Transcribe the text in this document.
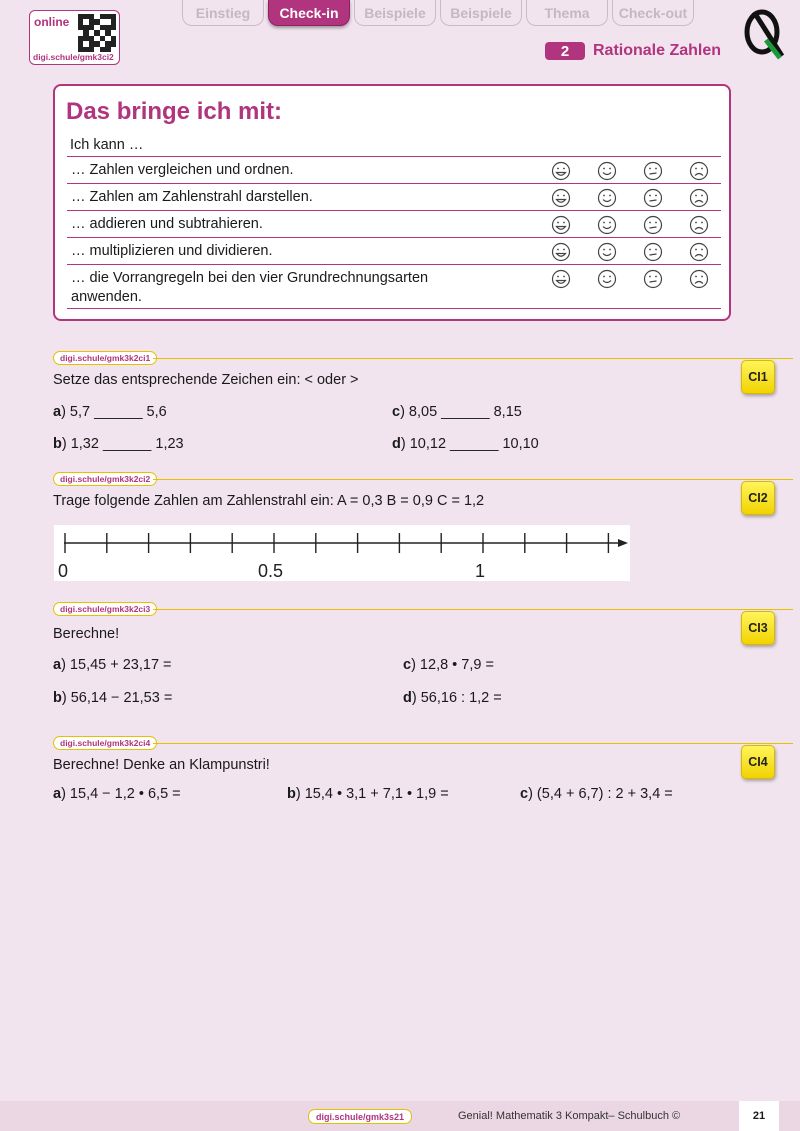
online
digi.schule/gmk3ci2
Einstieg	Check-in	Beispiele	Beispiele	Thema	Check-out
2	Rationale Zahlen
Das bringe ich mit:
Ich kann …
… Zahlen vergleichen und ordnen.
… Zahlen am Zahlenstrahl darstellen.
… addieren und subtrahieren.
… multiplizieren und dividieren.
… die Vorrangregeln bei den vier Grundrechnungsarten
anwenden.
digi.schule/gmk3k2ci1
CI1
Setze das entsprechende Zeichen ein: < oder >
a) 5,7 ______ 5,6	c) 8,05 ______ 8,15
b) 1,32 ______ 1,23	d) 10,12 ______ 10,10
digi.schule/gmk3k2ci2
CI2
Trage folgende Zahlen am Zahlenstrahl ein: A = 0,3 B = 0,9 C = 1,2
0	0.5	1
digi.schule/gmk3k2ci3
CI3
Berechne!
a) 15,45 + 23,17 =	c) 12,8 • 7,9 =
b) 56,14 − 21,53 =	d) 56,16 : 1,2 =
digi.schule/gmk3k2ci4
CI4
Berechne! Denke an Klampunstri!
a) 15,4 − 1,2 • 6,5 =	b) 15,4 • 3,1 + 7,1 • 1,9 =	c) (5,4 + 6,7) : 2 + 3,4 =
digi.schule/gmk3s21	Genial! Mathematik 3 Kompakt– Schulbuch ©	21
